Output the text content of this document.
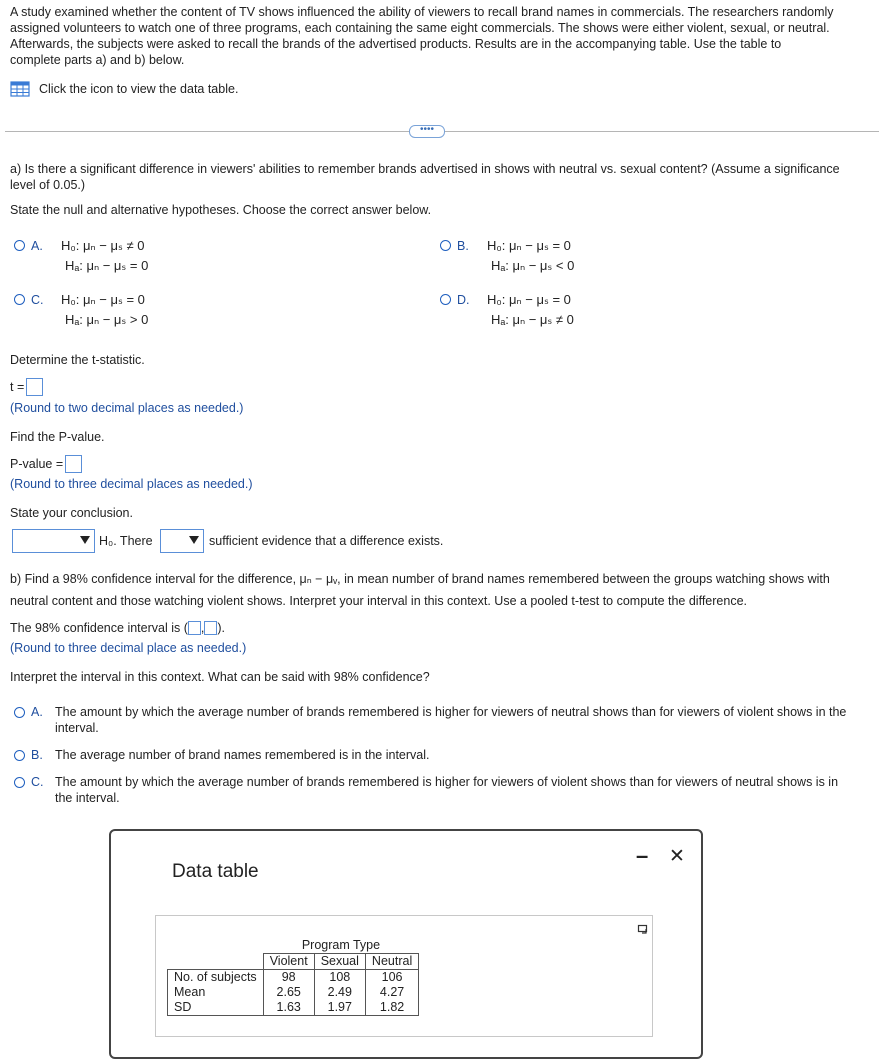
A study examined whether the content of TV shows influenced the ability of viewers to recall brand names in commercials. The researchers randomly
assigned volunteers to watch one of three programs, each containing the same eight commercials. The shows were either violent, sexual, or neutral.
Afterwards, the subjects were asked to recall the brands of the advertised products. Results are in the accompanying table. Use the table to
complete parts a) and b) below.
Click the icon to view the data table.
••••
a) Is there a significant difference in viewers' abilities to remember brands advertised in shows with neutral vs. sexual content? (Assume a significance
level of 0.05.)
State the null and alternative hypotheses. Choose the correct answer below.
A.	H₀: μₙ − μₛ ≠ 0
Hₐ: μₙ − μₛ = 0
B.	H₀: μₙ − μₛ = 0
Hₐ: μₙ − μₛ < 0
C.	H₀: μₙ − μₛ = 0
Hₐ: μₙ − μₛ > 0
D.	H₀: μₙ − μₛ = 0
Hₐ: μₙ − μₛ ≠ 0
Determine the t-statistic.
t =
(Round to two decimal places as needed.)
Find the P-value.
P-value =
(Round to three decimal places as needed.)
State your conclusion.
H₀. There	sufficient evidence that a difference exists.
b) Find a 98% confidence interval for the difference, μₙ − μᵥ, in mean number of brand names remembered between the groups watching shows with
neutral content and those watching violent shows. Interpret your interval in this context. Use a pooled t-test to compute the difference.
The 98% confidence interval is ( , ).
(Round to three decimal place as needed.)
Interpret the interval in this context. What can be said with 98% confidence?
A. The amount by which the average number of brands remembered is higher for viewers of neutral shows than for viewers of violent shows in the
interval.
B. The average number of brand names remembered is in the interval.
C. The amount by which the average number of brands remembered is higher for viewers of violent shows than for viewers of neutral shows is in
the interval.
Data table
– ✕
	Program Type		
	Violent	Sexual	Neutral
No. of subjects	98	108	106
Mean	2.65	2.49	4.27
SD	1.63	1.97	1.82
